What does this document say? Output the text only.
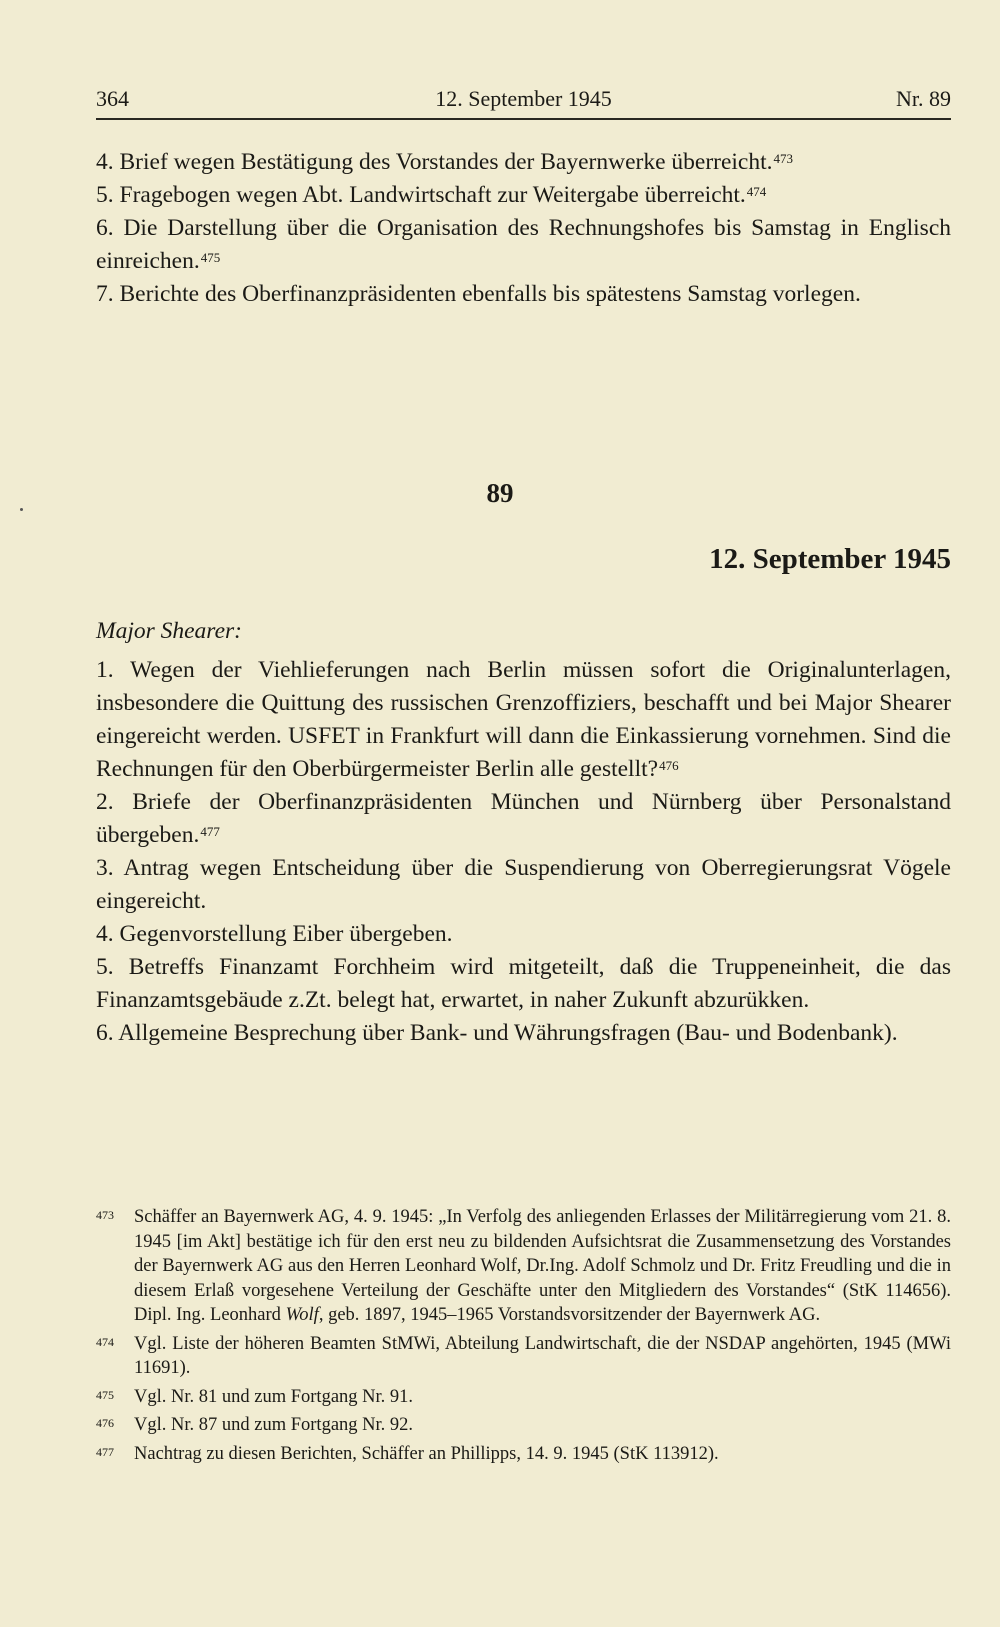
364	12. September 1945	Nr. 89

4. Brief wegen Bestätigung des Vorstandes der Bayernwerke überreicht.$^{473}$

5. Fragebogen wegen Abt. Landwirtschaft zur Weitergabe überreicht.$^{474}$

6. Die Darstellung über die Organisation des Rechnungshofes bis Samstag in Englisch einreichen.$^{475}$

7. Berichte des Oberfinanzpräsidenten ebenfalls bis spätestens Samstag vorlegen.

89
12. September 1945
Major Shearer:

1. Wegen der Viehlieferungen nach Berlin müssen sofort die Originalunterlagen, insbesondere die Quittung des russischen Grenzoffiziers, beschafft und bei Major Shearer eingereicht werden. USFET in Frankfurt will dann die Einkassierung vornehmen. Sind die Rechnungen für den Oberbürgermeister Berlin alle gestellt?$^{476}$

2. Briefe der Oberfinanzpräsidenten München und Nürnberg über Personalstand übergeben.$^{477}$

3. Antrag wegen Entscheidung über die Suspendierung von Oberregierungsrat Vögele eingereicht.

4. Gegenvorstellung Eiber übergeben.

5. Betreffs Finanzamt Forchheim wird mitgeteilt, daß die Truppeneinheit, die das Finanzamtsgebäude z.Zt. belegt hat, erwartet, in naher Zukunft abzurükken.

6. Allgemeine Besprechung über Bank- und Währungsfragen (Bau- und Bodenbank).

473 Schäffer an Bayernwerk AG, 4. 9. 1945: „In Verfolg des anliegenden Erlasses der Militärregierung vom 21. 8. 1945 [im Akt] bestätige ich für den erst neu zu bildenden Aufsichtsrat die Zusammensetzung des Vorstandes der Bayernwerk AG aus den Herren Leonhard Wolf, Dr.Ing. Adolf Schmolz und Dr. Fritz Freudling und die in diesem Erlaß vorgesehene Verteilung der Geschäfte unter den Mitgliedern des Vorstandes“ (StK 114656). Dipl. Ing. Leonhard Wolf, geb. 1897, 1945–1965 Vorstandsvorsitzender der Bayernwerk AG.

474 Vgl. Liste der höheren Beamten StMWi, Abteilung Landwirtschaft, die der NSDAP angehörten, 1945 (MWi 11691).

475 Vgl. Nr. 81 und zum Fortgang Nr. 91.

476 Vgl. Nr. 87 und zum Fortgang Nr. 92.

477 Nachtrag zu diesen Berichten, Schäffer an Phillipps, 14. 9. 1945 (StK 113912).
